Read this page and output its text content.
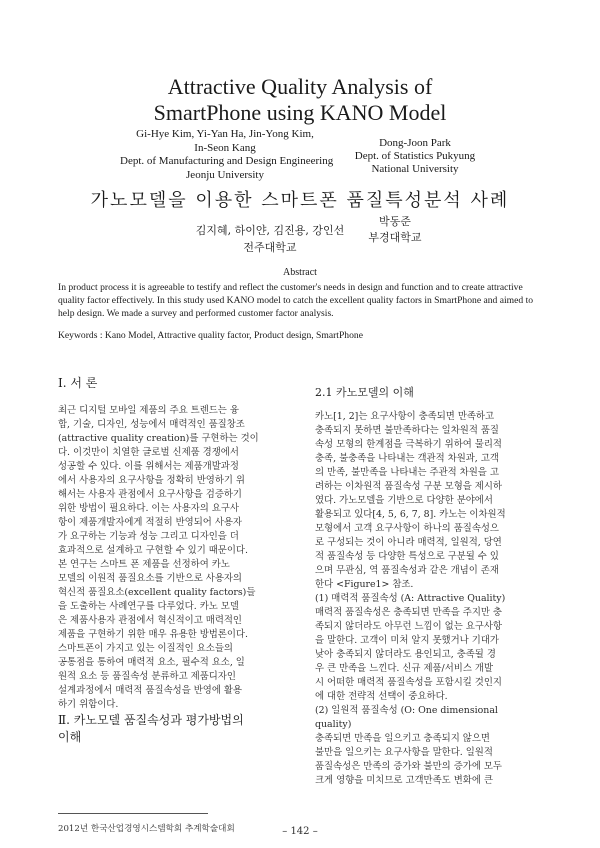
Attractive Quality Analysis of
SmartPhone using KANO Model
Gi-Hye Kim, Yi-Yan Ha, Jin-Yong Kim,
In-Seon Kang
Dept. of Manufacturing and Design Engineering
Jeonju University
Dong-Joon Park
Dept. of Statistics Pukyung
National University
가노모델을 이용한 스마트폰 품질특성분석 사례
김지혜, 하이얀, 김진용, 강인선
전주대학교
박동준
부경대학교
Abstract
In product process it is agreeable to testify and reflect the customer's needs in design and function and to create attractive quality factor effectively. In this study used KANO model to catch the excellent quality factors in SmartPhone and aimed to help design. We made a survey and performed customer factor analysis.
Keywords : Kano Model, Attractive quality factor, Product design, SmartPhone
Ⅰ. 서 론
최근 디지털 모바일 제품의 주요 트렌드는 융
합, 기술, 디자인, 성능에서 매력적인 품질창조
(attractive quality creation)를 구현하는 것이
다. 이것만이 치열한 글로벌 신제품 경쟁에서
성공할 수 있다. 이를 위해서는 제품개발과정
에서 사용자의 요구사항을 정확히 반영하기 위
해서는 사용자 관점에서 요구사항을 검증하기
위한 방법이 필요하다. 이는 사용자의 요구사
항이 제품개발자에게 적절히 반영되어 사용자
가 요구하는 기능과 성능 그리고 디자인을 더
효과적으로 설계하고 구현할 수 있기 때문이다.
본 연구는 스마트 폰 제품을 선정하여 카노
모델의 이원적 품질요소를 기반으로 사용자의
혁신적 품질요소(excellent quality factors)들
을 도출하는 사례연구를 다루었다. 카노 모델
은 제품사용자 관점에서 혁신적이고 매력적인
제품을 구현하기 위한 매우 유용한 방법론이다.
스마트폰이 가지고 있는 이질적인 요소들의
공통점을 통하여 매력적 요소, 필수적 요소, 일
원적 요소 등 품질속성 분류하고 제품디자인
설계과정에서 매력적 품질속성을 반영에 활용
하기 위함이다.
Ⅱ. 카노모델 품질속성과 평가방법의
이해
2.1 카노모델의 이해
카노[1, 2]는 요구사항이 충족되면 만족하고
충족되지 못하면 불만족하다는 일차원적 품질
속성 모형의 한계점을 극복하기 위하여 물리적
충족, 불충족을 나타내는 객관적 차원과, 고객
의 만족, 불만족을 나타내는 주관적 차원을 고
려하는 이차원적 품질속성 구분 모형을 제시하
였다. 가노모델을 기반으로 다양한 분야에서
활용되고 있다[4, 5, 6, 7, 8]. 카노는 이차원적
모형에서 고객 요구사항이 하나의 품질속성으
로 구성되는 것이 아니라 매력적, 일원적, 당연
적 품질속성 등 다양한 특성으로 구분될 수 있
으며 무관심, 역 품질속성과 같은 개념이 존재
한다 <Figure1> 참조.
(1) 매력적 품질속성 (A: Attractive Quality)
매력적 품질속성은 충족되면 만족을 주지만 충
족되지 않더라도 아무런 느낌이 없는 요구사항
을 말한다. 고객이 미처 알지 못했거나 기대가
낮아 충족되지 않더라도 용인되고, 충족될 경
우 큰 만족을 느낀다. 신규 제품/서비스 개발
시 어떠한 매력적 품질속성을 포함시킬 것인지
에 대한 전략적 선택이 중요하다.
(2) 일원적 품질속성 (O: One dimensional
quality)
충족되면 만족을 일으키고 충족되지 않으면
불만을 일으키는 요구사항을 말한다. 일원적
품질속성은 만족의 증가와 불만의 증가에 모두
크게 영향을 미치므로 고객만족도 변화에 큰
2012년 한국산업경영시스템학회 추계학술대회	– 142 –
